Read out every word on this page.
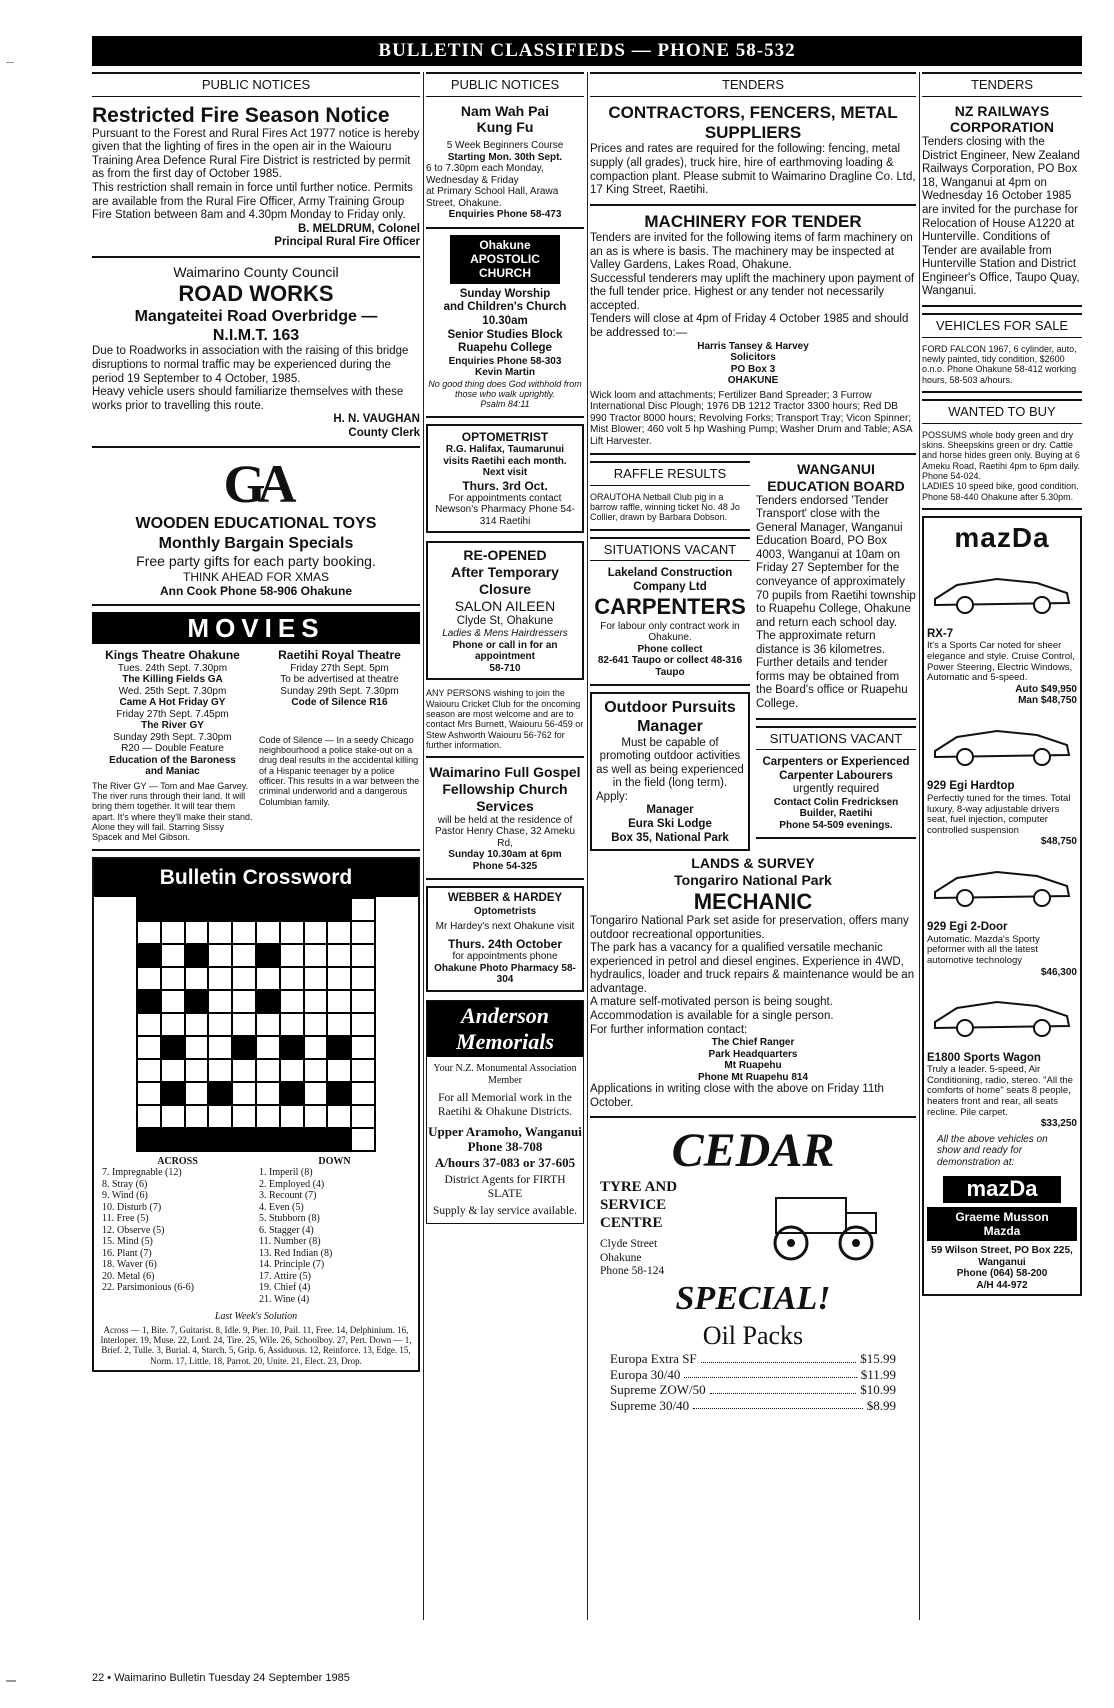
BULLETIN CLASSIFIEDS — PHONE 58-532
PUBLIC NOTICES
Restricted Fire Season Notice
Pursuant to the Forest and Rural Fires Act 1977 notice is hereby given that the lighting of fires in the open air in the Waiouru Training Area Defence Rural Fire District is restricted by permit as from the first day of October 1985.
This restriction shall remain in force until further notice. Permits are available from the Rural Fire Officer, Army Training Group Fire Station between 8am and 4.30pm Monday to Friday only.
B. MELDRUM, Colonel
Principal Rural Fire Officer
Waimarino County Council
ROAD WORKS
Mangateitei Road Overbridge —
N.I.M.T. 163
Due to Roadworks in association with the raising of this bridge disruptions to normal traffic may be experienced during the period 19 September to 4 October, 1985.
Heavy vehicle users should familiarize themselves with these works prior to travelling this route.
H. N. VAUGHAN
County Clerk
GA
WOODEN EDUCATIONAL TOYS
Monthly Bargain Specials
Free party gifts for each party booking.
THINK AHEAD FOR XMAS
Ann Cook Phone 58-906 Ohakune
MOVIES
Kings Theatre Ohakune
Tues. 24th Sept. 7.30pm
The Killing Fields GA
Wed. 25th Sept. 7.30pm
Came A Hot Friday GY
Friday 27th Sept. 7.45pm
The River GY
Sunday 29th Sept. 7.30pm
R20 — Double Feature
Education of the Baroness
and Maniac
The River GY — Tom and Mae Garvey. The river runs through their land. It will bring them together. It will tear them apart. It's where they'll make their stand. Alone they will fail. Starring Sissy Spacek and Mel Gibson.
Raetihi Royal Theatre
Friday 27th Sept. 5pm
To be advertised at theatre
Sunday 29th Sept. 7.30pm
Code of Silence R16
Code of Silence — In a seedy Chicago neighbourhood a police stake-out on a drug deal results in the accidental killing of a Hispanic teenager by a police officer. This results in a war between the criminal underworld and a dangerous Columbian family.
Bulletin Crossword
ACROSS
7. Impregnable (12)
8. Stray (6)
9. Wind (6)
10. Disturb (7)
11. Free (5)
12. Observe (5)
15. Mind (5)
16. Plant (7)
18. Waver (6)
20. Metal (6)
22. Parsimonious (6-6)
DOWN
1. Imperil (8)
2. Employed (4)
3. Recount (7)
4. Even (5)
5. Stubborn (8)
6. Stagger (4)
11. Number (8)
13. Red Indian (8)
14. Principle (7)
17. Attire (5)
19. Chief (4)
21. Wine (4)
Last Week's Solution
Across — 1, Bite. 7, Guitarist. 8, Idle. 9, Pier. 10, Pail. 11, Free. 14, Delphinium. 16, Interloper. 19, Muse. 22, Lord. 24, Tire. 25, Wile. 26, Schoolboy. 27, Pert. Down — 1, Brief. 2, Tulle. 3, Burial. 4, Starch. 5, Grip. 6, Assiduous. 12, Reinforce. 13, Edge. 15, Norm. 17, Little. 18, Parrot. 20, Unite. 21, Elect. 23, Drop.
PUBLIC NOTICES
Nam Wah Pai
Kung Fu
5 Week Beginners Course
Starting Mon. 30th Sept.
6 to 7.30pm each Monday, Wednesday & Friday
at Primary School Hall, Arawa Street, Ohakune.
Enquiries Phone 58-473
Ohakune
APOSTOLIC
CHURCH
Sunday Worship
and Children's Church
10.30am
Senior Studies Block
Ruapehu College
Enquiries Phone 58-303
Kevin Martin
No good thing does God withhold from those who walk uprightly.
Psalm 84:11
OPTOMETRIST
R.G. Halifax, Taumarunui visits Raetihi each month.
Next visit
Thurs. 3rd Oct.
For appointments contact Newson's Pharmacy Phone 54-314 Raetihi
RE-OPENED
After Temporary Closure
SALON AILEEN
Clyde St, Ohakune
Ladies & Mens Hairdressers
Phone or call in for an appointment
58-710
ANY PERSONS wishing to join the Waiouru Cricket Club for the oncoming season are most welcome and are to contact Mrs Burnett, Waiouru 56-459 or Stew Ashworth Waiouru 56-762 for further information.
Waimarino Full Gospel Fellowship Church Services
will be held at the residence of Pastor Henry Chase, 32 Ameku Rd,
Sunday 10.30am at 6pm
Phone 54-325
WEBBER & HARDEY
Optometrists
Mr Hardey's next Ohakune visit
Thurs. 24th October
for appointments phone
Ohakune Photo Pharmacy 58-304
Anderson
Memorials
Your N.Z. Monumental Association Member
For all Memorial work in the Raetihi & Ohakune Districts.
Upper Aramoho, Wanganui
Phone 38-708
A/hours 37-083 or 37-605
District Agents for FIRTH SLATE
Supply & lay service available.
TENDERS
CONTRACTORS, FENCERS, METAL SUPPLIERS
Prices and rates are required for the following: fencing, metal supply (all grades), truck hire, hire of earthmoving loading & compaction plant. Please submit to Waimarino Dragline Co. Ltd, 17 King Street, Raetihi.
MACHINERY FOR TENDER
Tenders are invited for the following items of farm machinery on an as is where is basis. The machinery may be inspected at Valley Gardens, Lakes Road, Ohakune.
Successful tenderers may uplift the machinery upon payment of the full tender price. Highest or any tender not necessarily accepted.
Tenders will close at 4pm of Friday 4 October 1985 and should be addressed to:—
Harris Tansey & Harvey
Solicitors
PO Box 3
OHAKUNE
Wick loom and attachments; Fertilizer Band Spreader; 3 Furrow International Disc Plough; 1976 DB 1212 Tractor 3300 hours; Red DB 990 Tractor 8000 hours; Revolving Forks; Transport Tray; Vicon Spinner; Mist Blower; 460 volt 5 hp Washing Pump; Washer Drum and Table; ASA Lift Harvester.
RAFFLE RESULTS
ORAUTOHA Netball Club pig in a barrow raffle, winning ticket No. 48 Jo Collier, drawn by Barbara Dobson.
SITUATIONS VACANT
Lakeland Construction Company Ltd
CARPENTERS
For labour only contract work in Ohakune.
Phone collect
82-641 Taupo or collect 48-316 Taupo
Outdoor Pursuits
Manager
Must be capable of promoting outdoor activities as well as being experienced in the field (long term).
Apply:
Manager
Eura Ski Lodge
Box 35, National Park
WANGANUI EDUCATION BOARD
Tenders endorsed 'Tender Transport' close with the General Manager, Wanganui Education Board, PO Box 4003, Wanganui at 10am on Friday 27 September for the conveyance of approximately 70 pupils from Raetihi township to Ruapehu College, Ohakune and return each school day. The approximate return distance is 36 kilometres.
Further details and tender forms may be obtained from the Board's office or Ruapehu College.
SITUATIONS VACANT
Carpenters or Experienced Carpenter Labourers
urgently required
Contact Colin Fredricksen
Builder, Raetihi
Phone 54-509 evenings.
LANDS & SURVEY
Tongariro National Park
MECHANIC
Tongariro National Park set aside for preservation, offers many outdoor recreational opportunities.
The park has a vacancy for a qualified versatile mechanic experienced in petrol and diesel engines. Experience in 4WD, hydraulics, loader and truck repairs & maintenance would be an advantage.
A mature self-motivated person is being sought. Accommodation is available for a single person.
For further information contact:
The Chief Ranger
Park Headquarters
Mt Ruapehu
Phone Mt Ruapehu 814
Applications in writing close with the above on Friday 11th October.
CEDAR
TYRE AND SERVICE CENTRE
Clyde Street
Ohakune
Phone 58-124
SPECIAL!
Oil Packs
Europa Extra SF	$15.99
Europa 30/40	$11.99
Supreme ZOW/50	$10.99
Supreme 30/40	$8.99
TENDERS
NZ RAILWAYS CORPORATION
Tenders closing with the District Engineer, New Zealand Railways Corporation, PO Box 18, Wanganui at 4pm on Wednesday 16 October 1985 are invited for the purchase for Relocation of House A1220 at Hunterville. Conditions of Tender are available from Hunterville Station and District Engineer's Office, Taupo Quay, Wanganui.
VEHICLES FOR SALE
FORD FALCON 1967, 6 cylinder, auto, newly painted, tidy condition, $2600 o.n.o. Phone Ohakune 58-412 working hours, 58-503 a/hours.
WANTED TO BUY
POSSUMS whole body green and dry skins. Sheepskins green or dry. Cattle and horse hides green only. Buying at 6 Ameku Road, Raetihi 4pm to 6pm daily. Phone 54-024.
LADIES 10 speed bike, good condition. Phone 58-440 Ohakune after 5.30pm.
mazDa
RX-7
It's a Sports Car noted for sheer elegance and style. Cruise Control, Power Steering, Electric Windows, Automatic and 5-speed.
Auto $49,950
Man $48,750
929 Egi Hardtop
Perfectly tuned for the times. Total luxury, 8-way adjustable drivers seat, fuel injection, computer controlled suspension
$48,750
929 Egi 2-Door
Automatic. Mazda's Sporty peformer with all the latest automotive technology
$46,300
E1800 Sports Wagon
Truly a leader. 5-speed, Air Conditioning, radio, stereo. "All the comforts of home" seats 8 people, heaters front and rear, all seats recline. Pile carpet.
$33,250
All the above vehicles on show and ready for demonstration at:
mazDa
Graeme Musson
Mazda
59 Wilson Street, PO Box 225, Wanganui
Phone (064) 58-200
A/H 44-972
22 • Waimarino Bulletin Tuesday 24 September 1985
